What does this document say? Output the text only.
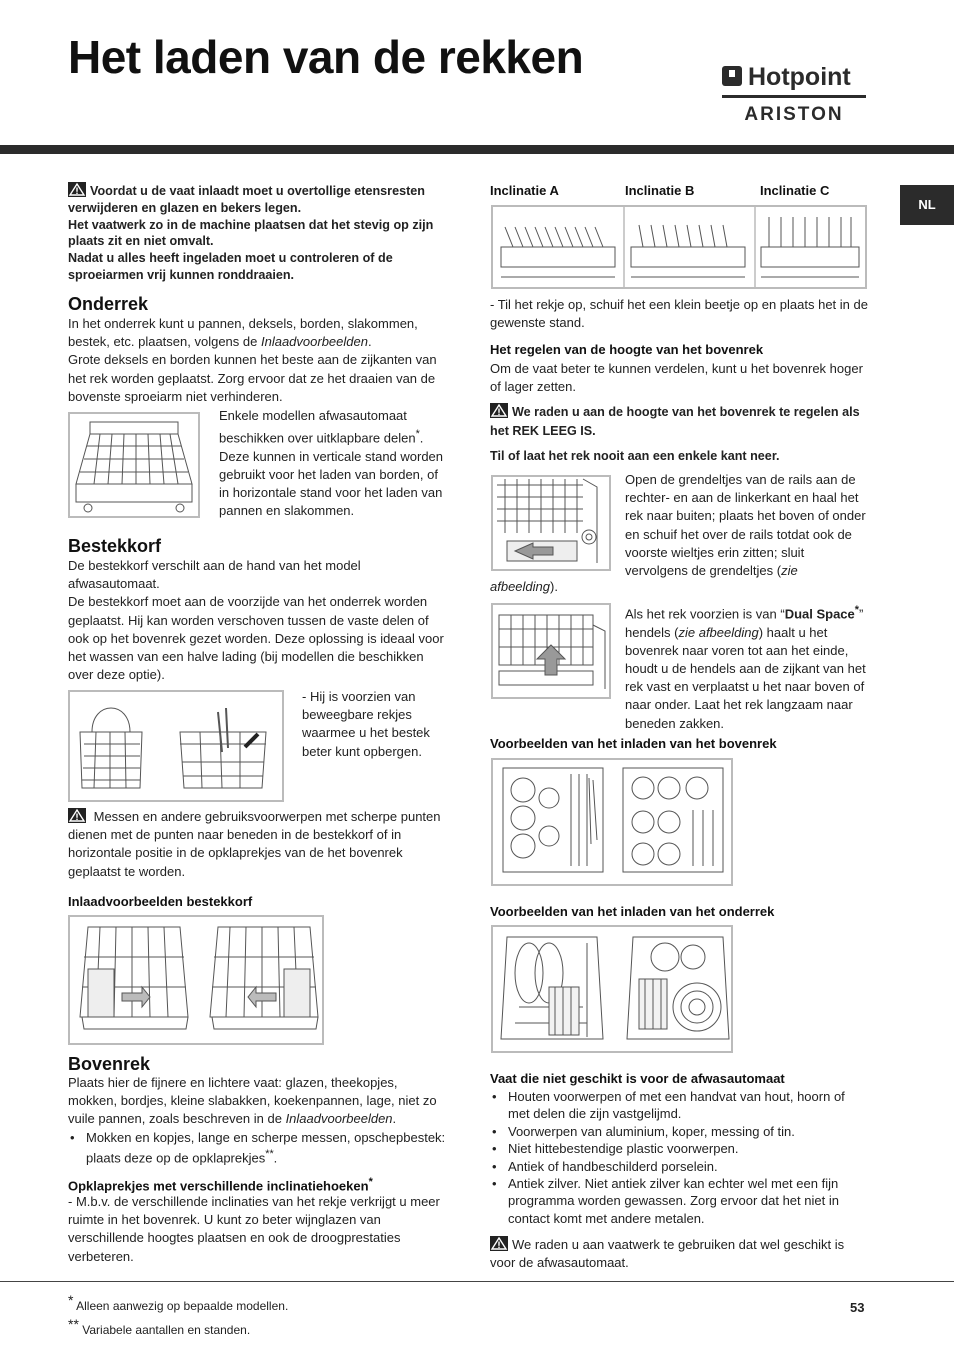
Het laden van de rekken	Hotpoint
ARISTON
NL

Voordat u de vaat inlaadt moet u overtollige etensresten verwijderen en glazen en bekers legen.
Het vaatwerk zo in de machine plaatsen dat het stevig op zijn plaats zit en niet omvalt.
Nadat u alles heeft ingeladen moet u controleren of de sproeiarmen vrij kunnen ronddraaien.

Onderrek

In het onderrek kunt u pannen, deksels, borden, slakommen, bestek, etc. plaatsen, volgens de Inlaadvoorbeelden.

Grote deksels en borden kunnen het beste aan de zijkanten van het rek worden geplaatst. Zorg ervoor dat ze het draaien van de bovenste sproeiarm niet verhinderen.

Enkele modellen afwasautomaat beschikken over uitklapbare delen*. Deze kunnen in verticale stand worden gebruikt voor het laden van borden, of in horizontale stand voor het laden van pannen en slakommen.

Bestekkorf

De bestekkorf verschilt aan de hand van het model afwasautomaat.

De bestekkorf moet aan de voorzijde van het onderrek worden geplaatst. Hij kan worden verschoven tussen de vaste delen of ook op het bovenrek gezet worden. Deze oplossing is ideaal voor het wassen van een halve lading (bij modellen die beschikken over deze optie).

- Hij is voorzien van beweegbare rekjes waarmee u het bestek beter kunt opbergen.

Messen en andere gebruiksvoorwerpen met scherpe punten dienen met de punten naar beneden in de bestekkorf of in horizontale positie in de opklaprekjes van de het bovenrek geplaatst te worden.

Inlaadvoorbeelden bestekkorf
Bovenrek

Plaats hier de fijnere en lichtere vaat: glazen, theekopjes, mokken, bordjes, kleine slabakken, koekenpannen, lage, niet zo vuile pannen, zoals beschreven in de Inlaadvoorbeelden.

• Mokken en kopjes, lange en scherpe messen, opschepbestek: plaats deze op de opklaprekjes**.
Opklaprekjes met verschillende inclinatiehoeken*

- M.b.v. de verschillende inclinaties van het rekje verkrijgt u meer ruimte in het bovenrek. U kunt zo beter wijnglazen van verschillende hoogtes plaatsen en ook de droogprestaties verbeteren.

Inclinatie A	Inclinatie B	Inclinatie C

- Til het rekje op, schuif het een klein beetje op en plaats het in de gewenste stand.

Het regelen van de hoogte van het bovenrek

Om de vaat beter te kunnen verdelen, kunt u het bovenrek hoger of lager zetten.

We raden u aan de hoogte van het bovenrek te regelen als het REK LEEG IS.

Til of laat het rek nooit aan een enkele kant neer.

Open de grendeltjes van de rails aan de rechter- en aan de linkerkant en haal het rek naar buiten; plaats het boven of onder en schuif het over de rails totdat ook de voorste wieltjes erin zitten; sluit vervolgens de grendeltjes (zie

afbeelding).

Als het rek voorzien is van “Dual Space*” hendels (zie afbeelding) haalt u het bovenrek naar voren tot aan het einde, houdt u de hendels aan de zijkant van het rek vast en verplaatst u het naar boven of naar onder. Laat het rek langzaam naar beneden zakken.

Voorbeelden van het inladen van het bovenrek
Voorbeelden van het inladen van het onderrek
Vaat die niet geschikt is voor de afwasautomaat
• Houten voorwerpen of met een handvat van hout, hoorn of met delen die zijn vastgelijmd.
• Voorwerpen van aluminium, koper, messing of tin.
• Niet hittebestendige plastic voorwerpen.
• Antiek of handbeschilderd porselein.
• Antiek zilver. Niet antiek zilver kan echter wel met een fijn programma worden gewassen. Zorg ervoor dat het niet in contact komt met andere metalen.

We raden u aan vaatwerk te gebruiken dat wel geschikt is voor de afwasautomaat.

* Alleen aanwezig op bepaalde modellen.
** Variabele aantallen en standen.
53
